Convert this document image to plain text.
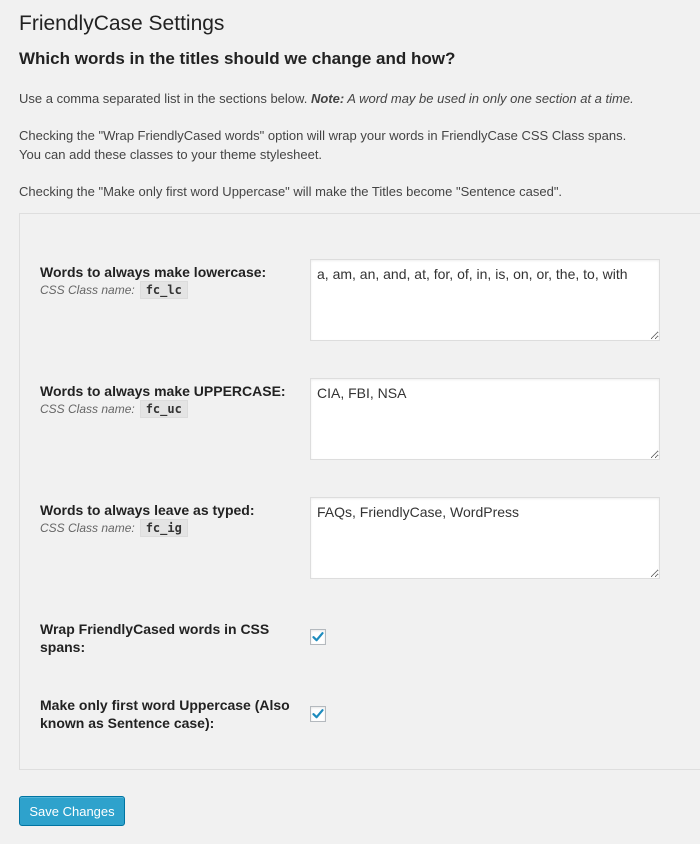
FriendlyCase Settings
Which words in the titles should we change and how?

Use a comma separated list in the sections below. Note: A word may be used in only one section at a time.

Checking the "Wrap FriendlyCased words" option will wrap your words in FriendlyCase CSS Class spans.

You can add these classes to your theme stylesheet.

Checking the "Make only first word Uppercase" will make the Titles become "Sentence cased".

Words to always make lowercase:
CSS Class name: fc_lc
a, am, an, and, at, for, of, in, is, on, or, the, to, with
Words to always make UPPERCASE:
CSS Class name: fc_uc
CIA, FBI, NSA
Words to always leave as typed:
CSS Class name: fc_ig
FAQs, FriendlyCase, WordPress
Wrap FriendlyCased words in CSS spans:
Make only first word Uppercase (Also known as Sentence case):
Save Changes
